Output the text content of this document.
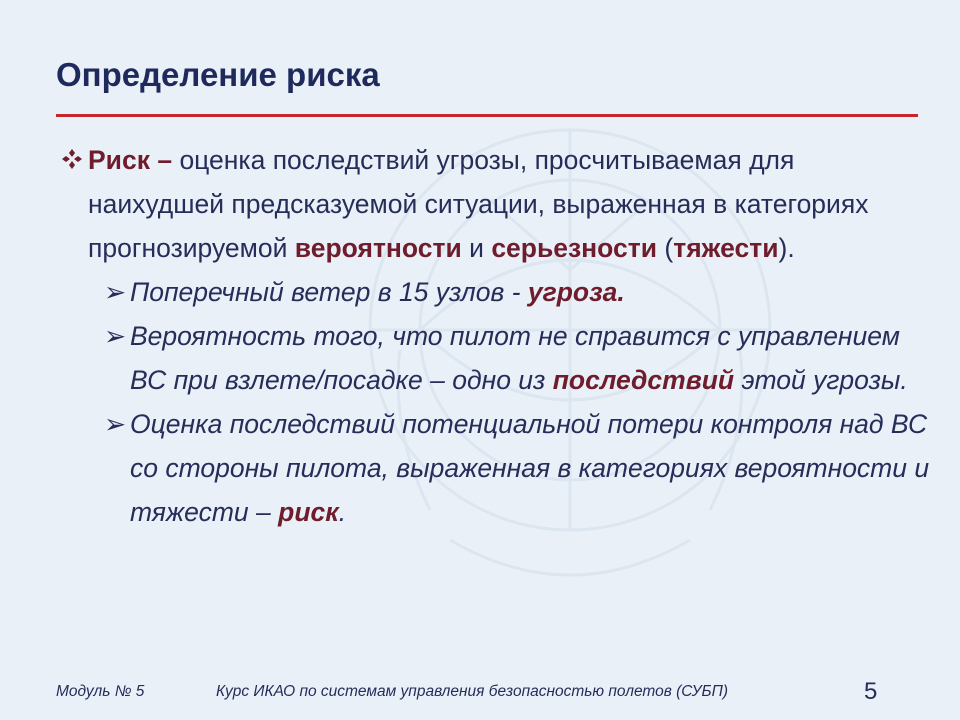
Определение риска
Риск – оценка последствий угрозы, просчитываемая для наихудшей предсказуемой ситуации, выраженная в категориях прогнозируемой вероятности и серьезности (тяжести).
➢ Поперечный ветер в 15 узлов - угроза.
➢ Вероятность того, что пилот не справится с управлением ВС при взлете/посадке – одно из последствий этой угрозы.
➢ Оценка последствий потенциальной потери контроля над ВС со стороны пилота, выраженная в категориях вероятности и тяжести – риск.
Модуль № 5	Курс ИКАО по системам управления безопасностью полетов (СУБП)	5
